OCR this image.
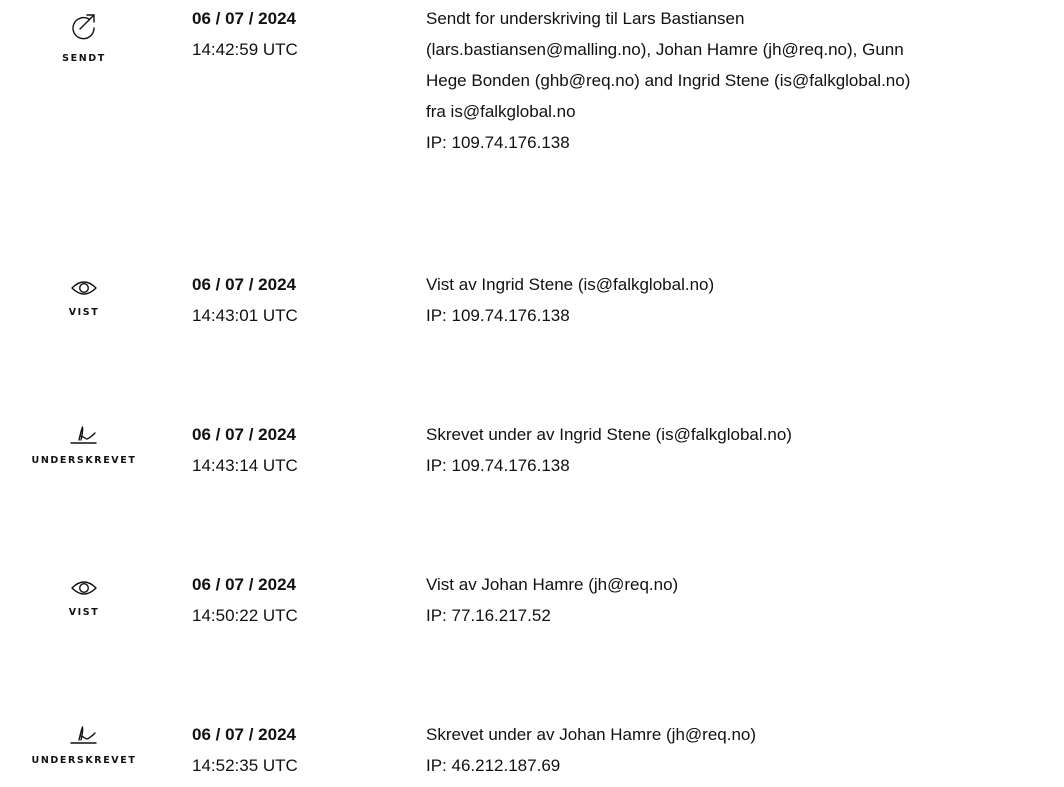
SENDT
06 / 07 / 2024
14:42:59 UTC
Sendt for underskriving til Lars Bastiansen
(lars.bastiansen@malling.no), Johan Hamre (jh@req.no), Gunn
Hege Bonden (ghb@req.no) and Ingrid Stene (is@falkglobal.no)
fra is@falkglobal.no
IP: 109.74.176.138
VIST
06 / 07 / 2024
14:43:01 UTC
Vist av Ingrid Stene (is@falkglobal.no)
IP: 109.74.176.138
UNDERSKREVET
06 / 07 / 2024
14:43:14 UTC
Skrevet under av Ingrid Stene (is@falkglobal.no)
IP: 109.74.176.138
VIST
06 / 07 / 2024
14:50:22 UTC
Vist av Johan Hamre (jh@req.no)
IP: 77.16.217.52
UNDERSKREVET
06 / 07 / 2024
14:52:35 UTC
Skrevet under av Johan Hamre (jh@req.no)
IP: 46.212.187.69
